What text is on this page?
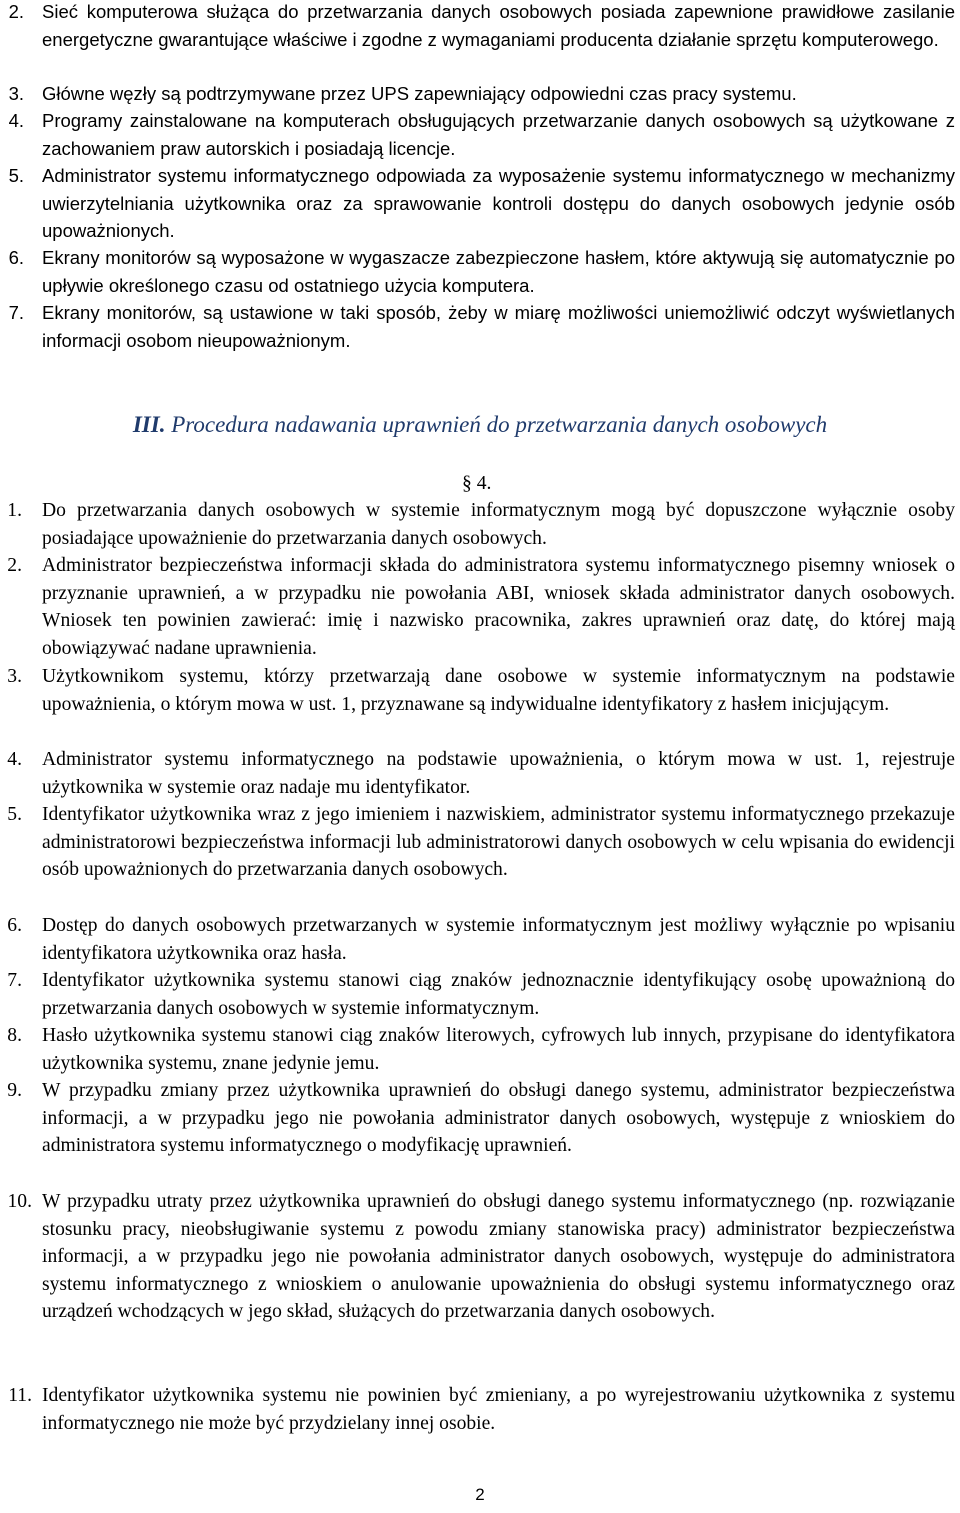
2. Sieć komputerowa służąca do przetwarzania danych osobowych posiada zapewnione prawidłowe zasilanie energetyczne gwarantujące właściwe i zgodne z wymaganiami producenta działanie sprzętu komputerowego.
3. Główne węzły są podtrzymywane przez UPS zapewniający odpowiedni czas pracy systemu.
4. Programy zainstalowane na komputerach obsługujących przetwarzanie danych osobowych są użytkowane z zachowaniem praw autorskich i posiadają licencje.
5. Administrator systemu informatycznego odpowiada za wyposażenie systemu informatycznego w mechanizmy uwierzytelniania użytkownika oraz za sprawowanie kontroli dostępu do danych osobowych jedynie osób upoważnionych.
6. Ekrany monitorów są wyposażone w wygaszacze zabezpieczone hasłem, które aktywują się automatycznie po upływie określonego czasu od ostatniego użycia komputera.
7. Ekrany monitorów, są ustawione w taki sposób, żeby w miarę możliwości uniemożliwić odczyt wyświetlanych informacji osobom nieupoważnionym.
III. Procedura nadawania uprawnień do przetwarzania danych osobowych
§ 4.
1. Do przetwarzania danych osobowych w systemie informatycznym mogą być dopuszczone wyłącznie osoby posiadające upoważnienie do przetwarzania danych osobowych.
2. Administrator bezpieczeństwa informacji składa do administratora systemu informatycznego pisemny wniosek o przyznanie uprawnień, a w przypadku nie powołania ABI, wniosek składa administrator danych osobowych. Wniosek ten powinien zawierać: imię i nazwisko pracownika, zakres uprawnień oraz datę, do której mają obowiązywać nadane uprawnienia.
3. Użytkownikom systemu, którzy przetwarzają dane osobowe w systemie informatycznym na podstawie upoważnienia, o którym mowa w ust. 1, przyznawane są indywidualne identyfikatory z hasłem inicjującym.
4. Administrator systemu informatycznego na podstawie upoważnienia, o którym mowa w ust. 1, rejestruje użytkownika w systemie oraz nadaje mu identyfikator.
5. Identyfikator użytkownika wraz z jego imieniem i nazwiskiem, administrator systemu informatycznego przekazuje administratorowi bezpieczeństwa informacji lub administratorowi danych osobowych w celu wpisania do ewidencji osób upoważnionych do przetwarzania danych osobowych.
6. Dostęp do danych osobowych przetwarzanych w systemie informatycznym jest możliwy wyłącznie po wpisaniu identyfikatora użytkownika oraz hasła.
7. Identyfikator użytkownika systemu stanowi ciąg znaków jednoznacznie identyfikujący osobę upoważnioną do przetwarzania danych osobowych w systemie informatycznym.
8. Hasło użytkownika systemu stanowi ciąg znaków literowych, cyfrowych lub innych, przypisane do identyfikatora użytkownika systemu, znane jedynie jemu.
9. W przypadku zmiany przez użytkownika uprawnień do obsługi danego systemu, administrator bezpieczeństwa informacji, a w przypadku jego nie powołania administrator danych osobowych, występuje z wnioskiem do administratora systemu informatycznego o modyfikację uprawnień.
10. W przypadku utraty przez użytkownika uprawnień do obsługi danego systemu informatycznego (np. rozwiązanie stosunku pracy, nieobsługiwanie systemu z powodu zmiany stanowiska pracy) administrator bezpieczeństwa informacji, a w przypadku jego nie powołania administrator danych osobowych, występuje do administratora systemu informatycznego z wnioskiem o anulowanie upoważnienia do obsługi systemu informatycznego oraz urządzeń wchodzących w jego skład, służących do przetwarzania danych osobowych.
11. Identyfikator użytkownika systemu nie powinien być zmieniany, a po wyrejestrowaniu użytkownika z systemu informatycznego nie może być przydzielany innej osobie.
2
